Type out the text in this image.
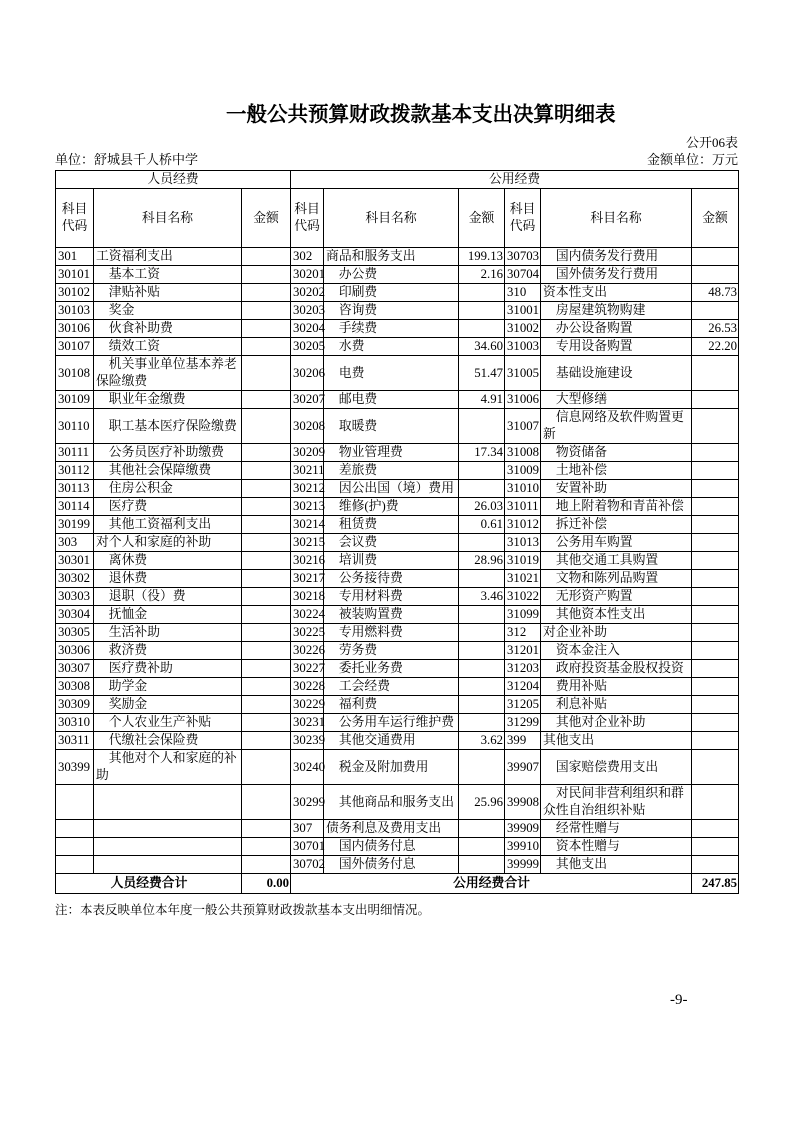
一般公共预算财政拨款基本支出决算明细表
公开06表
单位：舒城县千人桥中学	金额单位：万元
人员经费			公用经费					
科目代码	科目名称	金额	科目代码	科目名称	金额	科目代码	科目名称	金额
301	工资福利支出		302	商品和服务支出	199.13	30703	国内债务发行费用	
30101	基本工资		30201	办公费	2.16	30704	国外债务发行费用	
30102	津贴补贴		30202	印刷费		310	资本性支出	48.73
30103	奖金		30203	咨询费		31001	房屋建筑物购建	
30106	伙食补助费		30204	手续费		31002	办公设备购置	26.53
30107	绩效工资		30205	水费	34.60	31003	专用设备购置	22.20
30108	机关事业单位基本养老保险缴费		30206	电费	51.47	31005	基础设施建设	
30109	职业年金缴费		30207	邮电费	4.91	31006	大型修缮	
30110	职工基本医疗保险缴费		30208	取暖费		31007	信息网络及软件购置更新	
30111	公务员医疗补助缴费		30209	物业管理费	17.34	31008	物资储备	
30112	其他社会保障缴费		30211	差旅费		31009	土地补偿	
30113	住房公积金		30212	因公出国（境）费用		31010	安置补助	
30114	医疗费		30213	维修(护)费	26.03	31011	地上附着物和青苗补偿	
30199	其他工资福利支出		30214	租赁费	0.61	31012	拆迁补偿	
303	对个人和家庭的补助		30215	会议费		31013	公务用车购置	
30301	离休费		30216	培训费	28.96	31019	其他交通工具购置	
30302	退休费		30217	公务接待费		31021	文物和陈列品购置	
30303	退职（役）费		30218	专用材料费	3.46	31022	无形资产购置	
30304	抚恤金		30224	被装购置费		31099	其他资本性支出	
30305	生活补助		30225	专用燃料费		312	对企业补助	
30306	救济费		30226	劳务费		31201	资本金注入	
30307	医疗费补助		30227	委托业务费		31203	政府投资基金股权投资	
30308	助学金		30228	工会经费		31204	费用补贴	
30309	奖励金		30229	福利费		31205	利息补贴	
30310	个人农业生产补贴		30231	公务用车运行维护费		31299	其他对企业补助	
30311	代缴社会保险费		30239	其他交通费用	3.62	399	其他支出	
30399	其他对个人和家庭的补助		30240	税金及附加费用		39907	国家赔偿费用支出	
			30299	其他商品和服务支出	25.96	39908	对民间非营利组织和群众性自治组织补贴	
			307	债务利息及费用支出		39909	经常性赠与	
			30701	国内债务付息		39910	资本性赠与	
			30702	国外债务付息		39999	其他支出	
人员经费合计		0.00	公用经费合计					247.85
注：本表反映单位本年度一般公共预算财政拨款基本支出明细情况。
-9-
